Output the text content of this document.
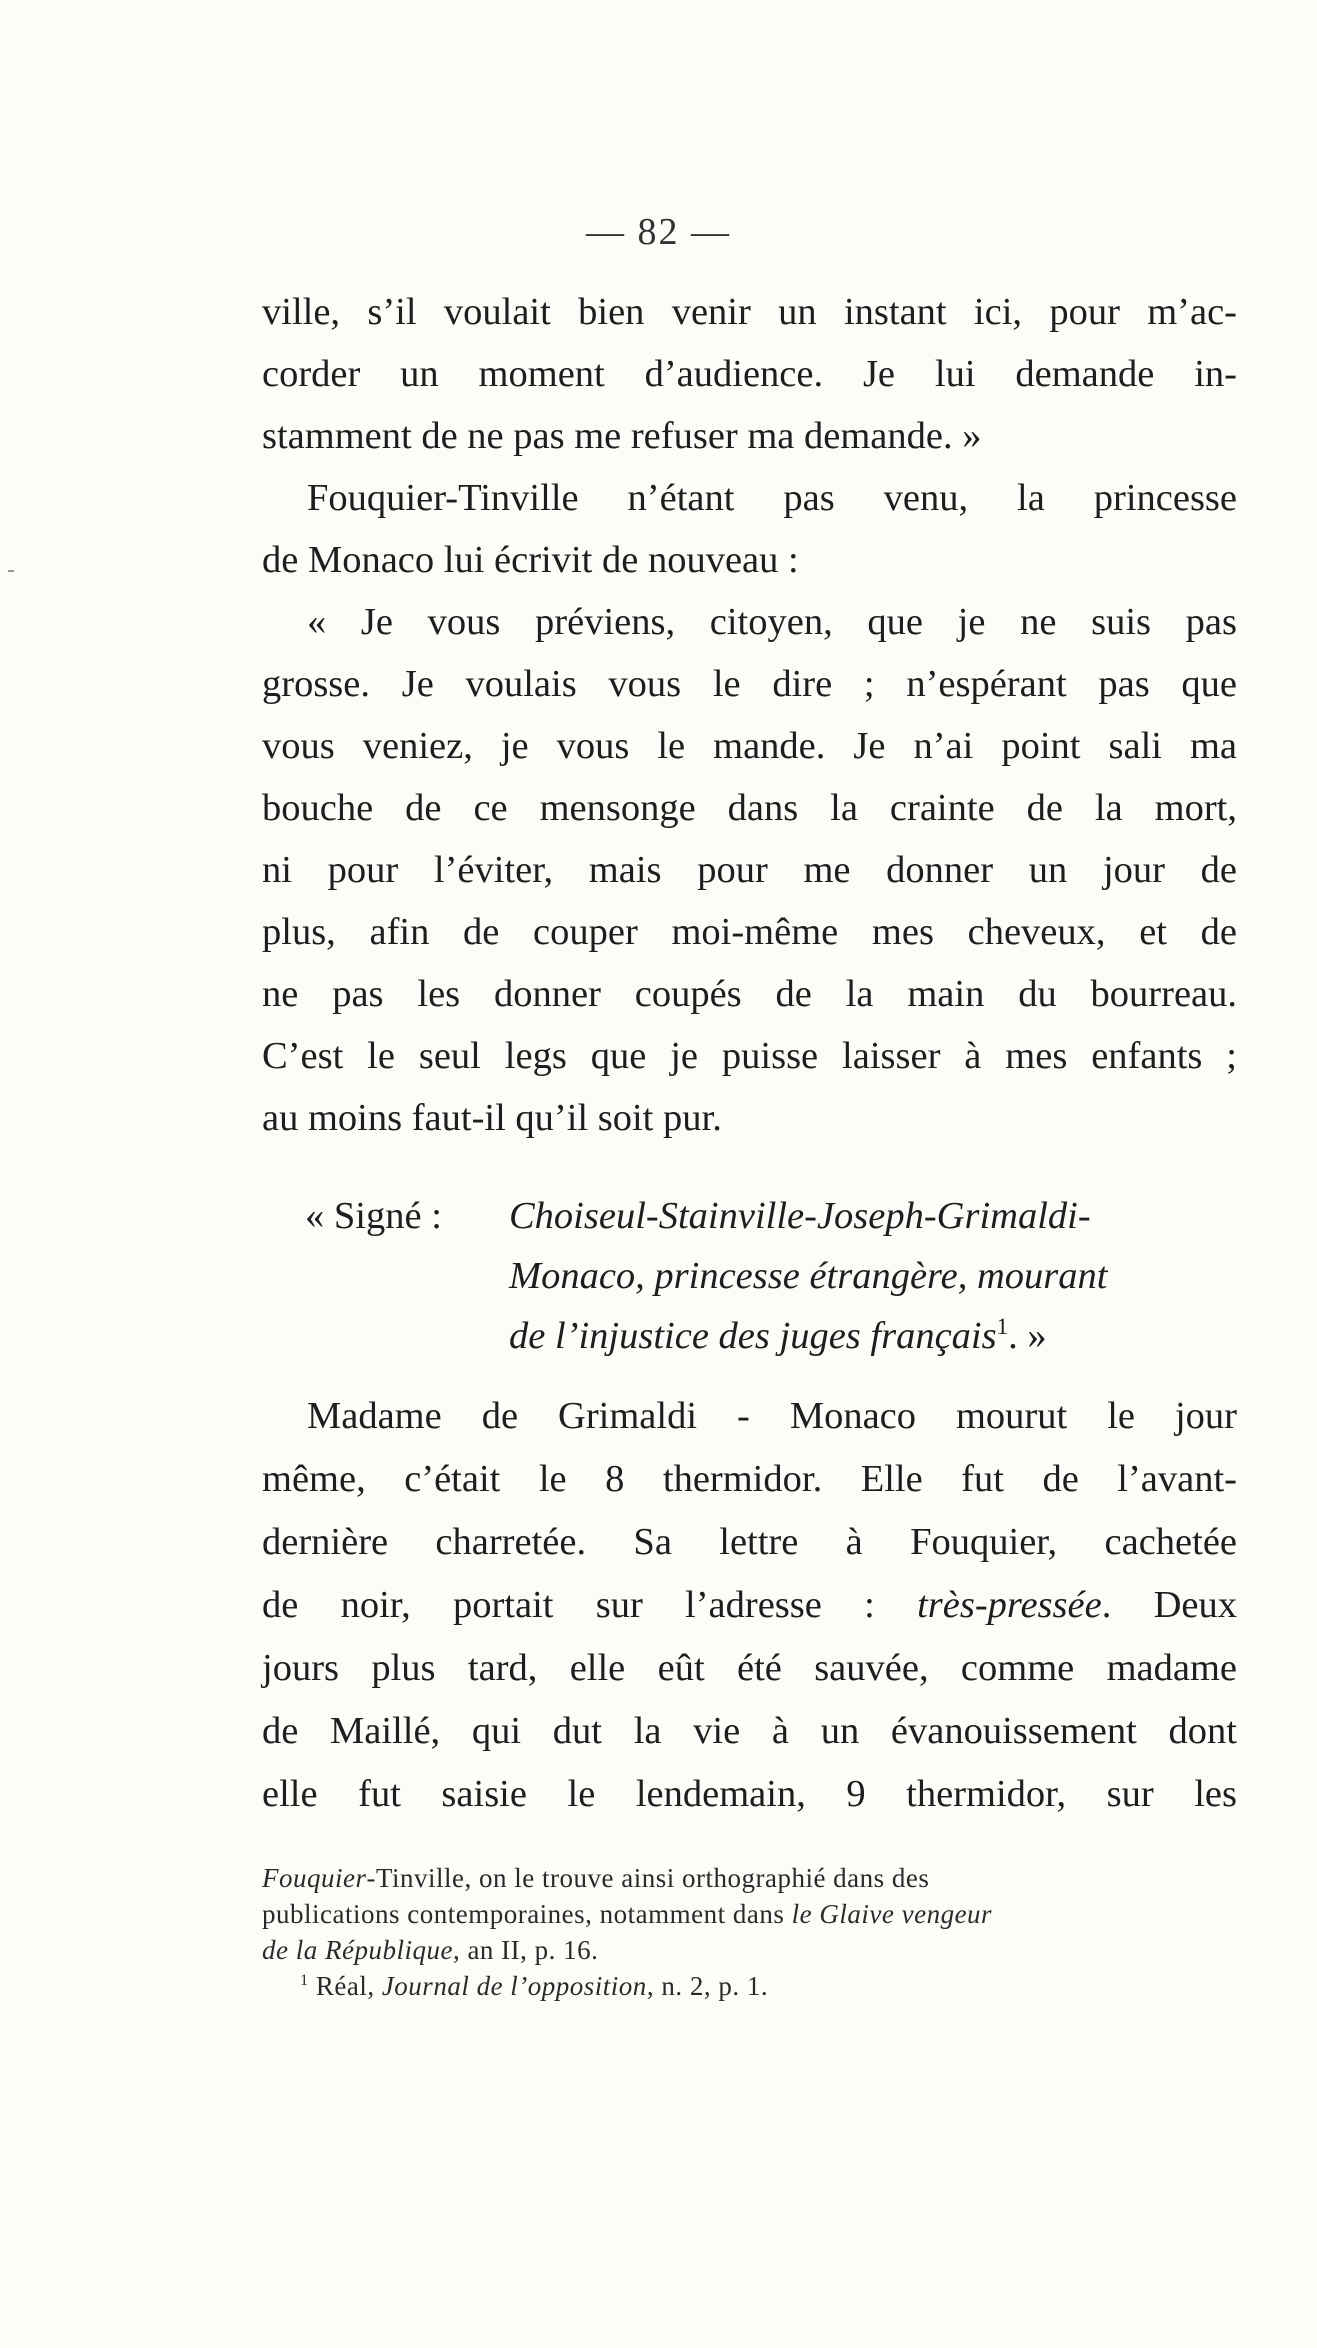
— 82 —
ville, s’il voulait bien venir un instant ici, pour m’ac-
corder un moment d’audience. Je lui demande in-
stamment de ne pas me refuser ma demande. »
Fouquier-Tinville n’étant pas venu, la princesse
de Monaco lui écrivit de nouveau :
« Je vous préviens, citoyen, que je ne suis pas
grosse. Je voulais vous le dire ; n’espérant pas que
vous veniez, je vous le mande. Je n’ai point sali ma
bouche de ce mensonge dans la crainte de la mort,
ni pour l’éviter, mais pour me donner un jour de
plus, afin de couper moi-même mes cheveux, et de
ne pas les donner coupés de la main du bourreau.
C’est le seul legs que je puisse laisser à mes enfants ;
au moins faut-il qu’il soit pur.
« Signé :	Choiseul-Stainville-Joseph-Grimaldi-
Monaco, princesse étrangère, mourant
de l’injustice des juges français$^1$. »
Madame de Grimaldi - Monaco mourut le jour
même, c’était le 8 thermidor. Elle fut de l’avant-
dernière charretée. Sa lettre à Fouquier, cachetée
de noir, portait sur l’adresse : très-pressée. Deux
jours plus tard, elle eût été sauvée, comme madame
de Maillé, qui dut la vie à un évanouissement dont
elle fut saisie le lendemain, 9 thermidor, sur les
Fouquier-Tinville, on le trouve ainsi orthographié dans des
publications contemporaines, notamment dans le Glaive vengeur
de la République, an II, p. 16.
$^1$ Réal, Journal de l’opposition, n. 2, p. 1.
